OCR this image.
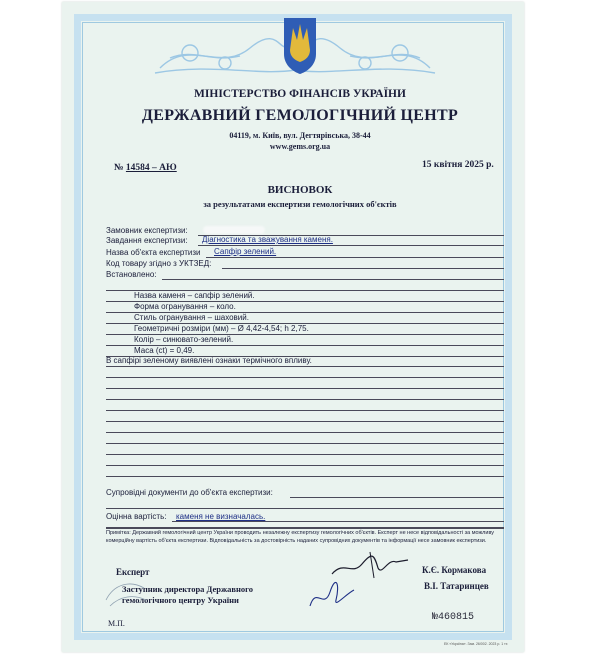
МІНІСТЕРСТВО ФІНАНСІВ УКРАЇНИ
ДЕРЖАВНИЙ ГЕМОЛОГІЧНИЙ ЦЕНТР
04119, м. Київ, вул. Дегтярівська, 38-44
www.gems.org.ua
№ 14584 – АЮ	15 квітня 2025 р.
ВИСНОВОК
за результатами експертизи гемологічних об'єктів
Замовник експертизи:
Завдання експертизи: Діагностика та зважування каменя.
Назва об'єкта експертизи Сапфір зелений.
Код товару згідно з УКТЗЕД:
Встановлено:
Назва каменя – сапфір зелений.
Форма огранування – коло.
Стиль огранування – шаховий.
Геометричні розміри (мм) – Ø 4,42-4,54; h 2,75.
Колір – синювато-зелений.
Маса (ct) = 0,49.
В сапфірі зеленому виявлені ознаки термічного впливу.
Супровідні документи до об'єкта експертизи:
Оцінна вартість: каменя не визначалась.
Примітка: Державний гемологічний центр України проводить незалежну експертизу гемологічних об'єктів. Експерт не несе відповідальності за можливу комерційну вартість об'єкта експертизи. Відповідальність за достовірність наданих супровідних документів та інформації несе замовник експертизи.
Експерт	К.Є. Кормакова
Заступник директора Державного
гемологічного центру України
В.І. Татаринцев
М.П.
№460815
ЕК «Україна». Зам. 26/002. 2023 р. 1 тх
